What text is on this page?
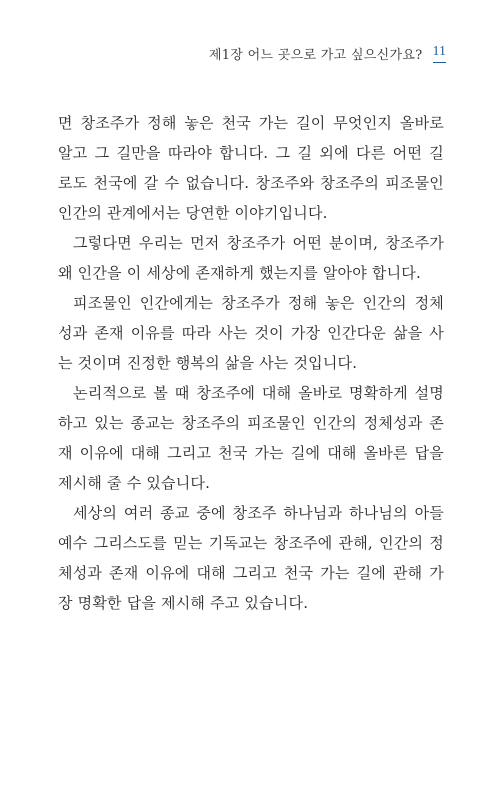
제1장 어느 곳으로 가고 싶으신가요? 11

면 창조주가 정해 놓은 천국 가는 길이 무엇인지 올바로
알고 그 길만을 따라야 합니다. 그 길 외에 다른 어떤 길
로도 천국에 갈 수 없습니다. 창조주와 창조주의 피조물인
인간의 관계에서는 당연한 이야기입니다.

그렇다면 우리는 먼저 창조주가 어떤 분이며, 창조주가
왜 인간을 이 세상에 존재하게 했는지를 알아야 합니다.

피조물인 인간에게는 창조주가 정해 놓은 인간의 정체
성과 존재 이유를 따라 사는 것이 가장 인간다운 삶을 사
는 것이며 진정한 행복의 삶을 사는 것입니다.

논리적으로 볼 때 창조주에 대해 올바로 명확하게 설명
하고 있는 종교는 창조주의 피조물인 인간의 정체성과 존
재 이유에 대해 그리고 천국 가는 길에 대해 올바른 답을
제시해 줄 수 있습니다.

세상의 여러 종교 중에 창조주 하나님과 하나님의 아들
예수 그리스도를 믿는 기독교는 창조주에 관해, 인간의 정
체성과 존재 이유에 대해 그리고 천국 가는 길에 관해 가
장 명확한 답을 제시해 주고 있습니다.
